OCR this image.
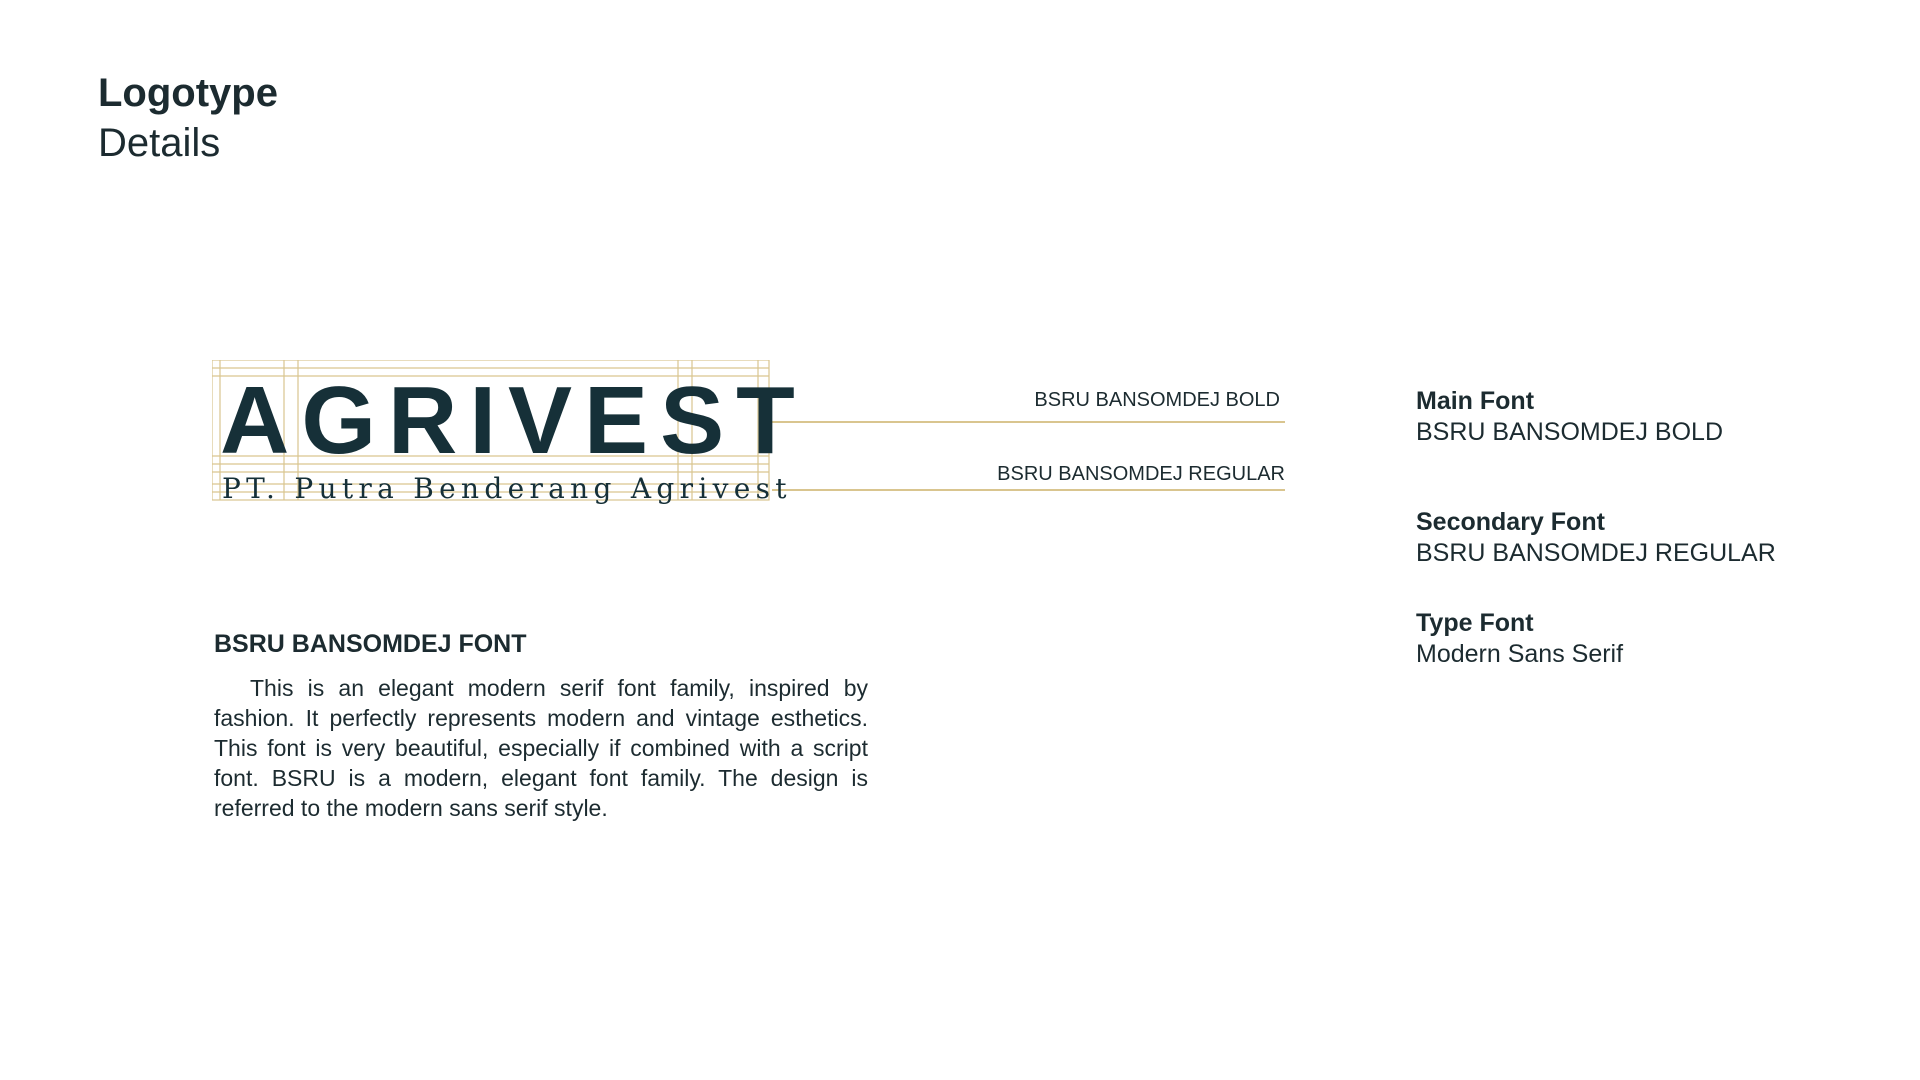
Logotype
Details
AGRIVEST
PT. Putra Benderang Agrivest
BSRU BANSOMDEJ BOLD
BSRU BANSOMDEJ REGULAR
BSRU BANSOMDEJ FONT
This is an elegant modern serif font family, inspired by fashion. It perfectly represents modern and vintage esthetics. This font is very beautiful, especially if combined with a script font. BSRU is a modern, elegant font family. The design is referred to the modern sans serif style.
Main Font
BSRU BANSOMDEJ BOLD
Secondary Font
BSRU BANSOMDEJ REGULAR
Type Font
Modern Sans Serif
